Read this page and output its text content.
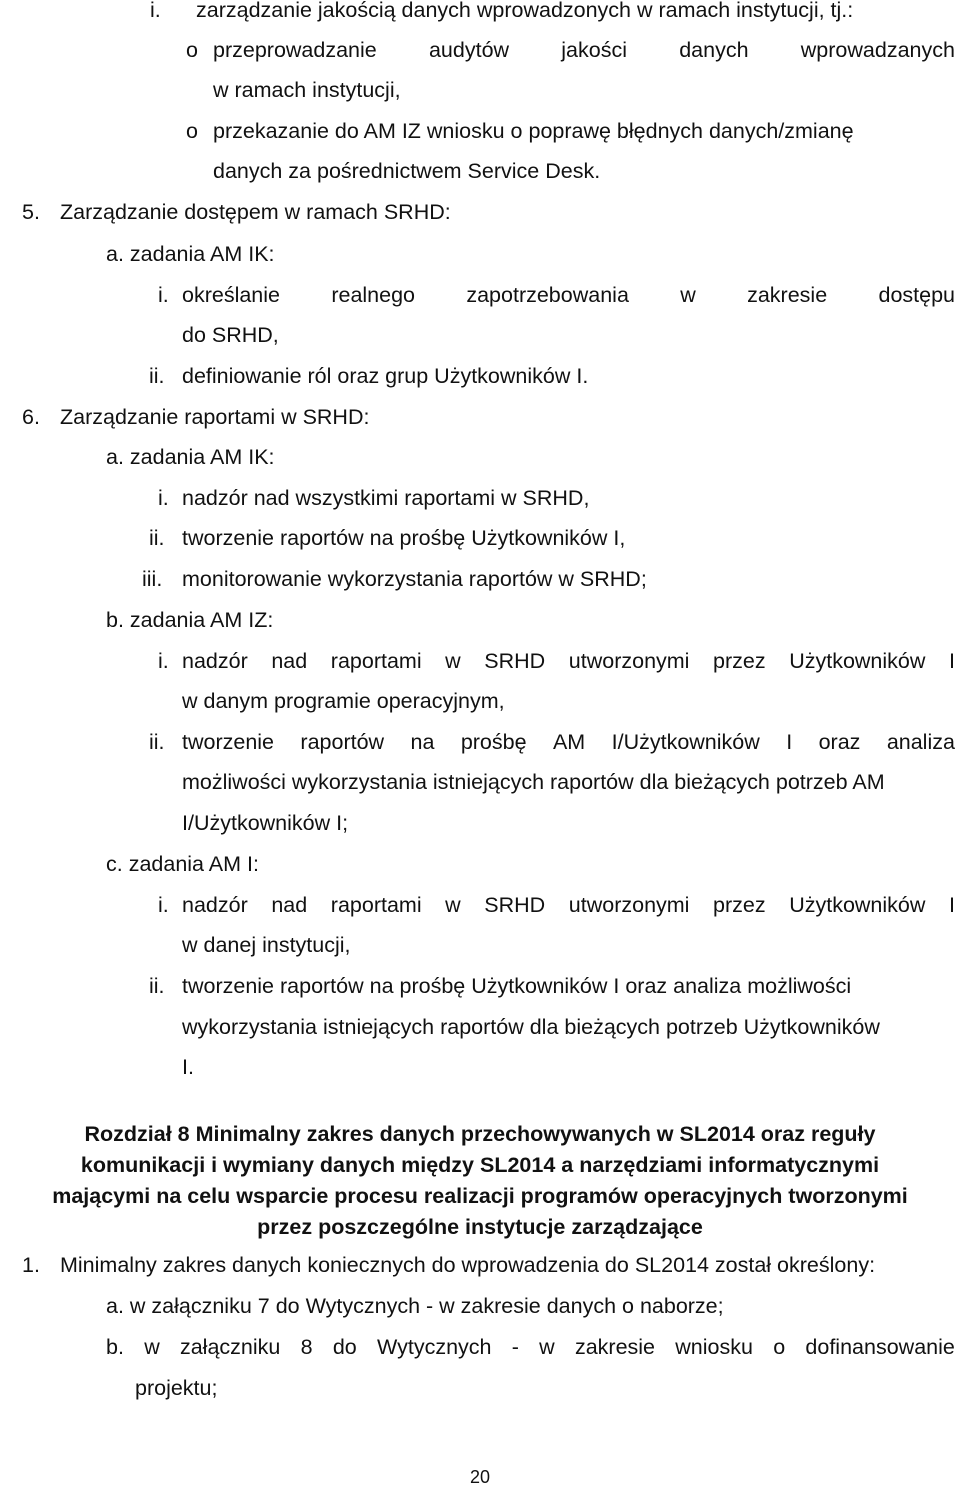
i. zarządzanie jakością danych wprowadzonych w ramach instytucji, tj.:
o przeprowadzanie audytów jakości danych wprowadzanych
w ramach instytucji,
o przekazanie do AM IZ wniosku o poprawę błędnych danych/zmianę
danych za pośrednictwem Service Desk.
5. Zarządzanie dostępem w ramach SRHD:
a. zadania AM IK:
i. określanie realnego zapotrzebowania w zakresie dostępu
do SRHD,
ii. definiowanie ról oraz grup Użytkowników I.
6. Zarządzanie raportami w SRHD:
a. zadania AM IK:
i. nadzór nad wszystkimi raportami w SRHD,
ii. tworzenie raportów na prośbę Użytkowników I,
iii. monitorowanie wykorzystania raportów w SRHD;
b. zadania AM IZ:
i. nadzór nad raportami w SRHD utworzonymi przez Użytkowników I
w danym programie operacyjnym,
ii. tworzenie raportów na prośbę AM I/Użytkowników I oraz analiza
możliwości wykorzystania istniejących raportów dla bieżących potrzeb AM
I/Użytkowników I;
c. zadania AM I:
i. nadzór nad raportami w SRHD utworzonymi przez Użytkowników I
w danej instytucji,
ii. tworzenie raportów na prośbę Użytkowników I oraz analiza możliwości
wykorzystania istniejących raportów dla bieżących potrzeb Użytkowników
I.
Rozdział 8 Minimalny zakres danych przechowywanych w SL2014 oraz reguły
komunikacji i wymiany danych między SL2014 a narzędziami informatycznymi
mającymi na celu wsparcie procesu realizacji programów operacyjnych tworzonymi
przez poszczególne instytucje zarządzające
1. Minimalny zakres danych koniecznych do wprowadzenia do SL2014 został określony:
a. w załączniku 7 do Wytycznych - w zakresie danych o naborze;
b. w załączniku 8 do Wytycznych - w zakresie wniosku o dofinansowanie
projektu;
20
